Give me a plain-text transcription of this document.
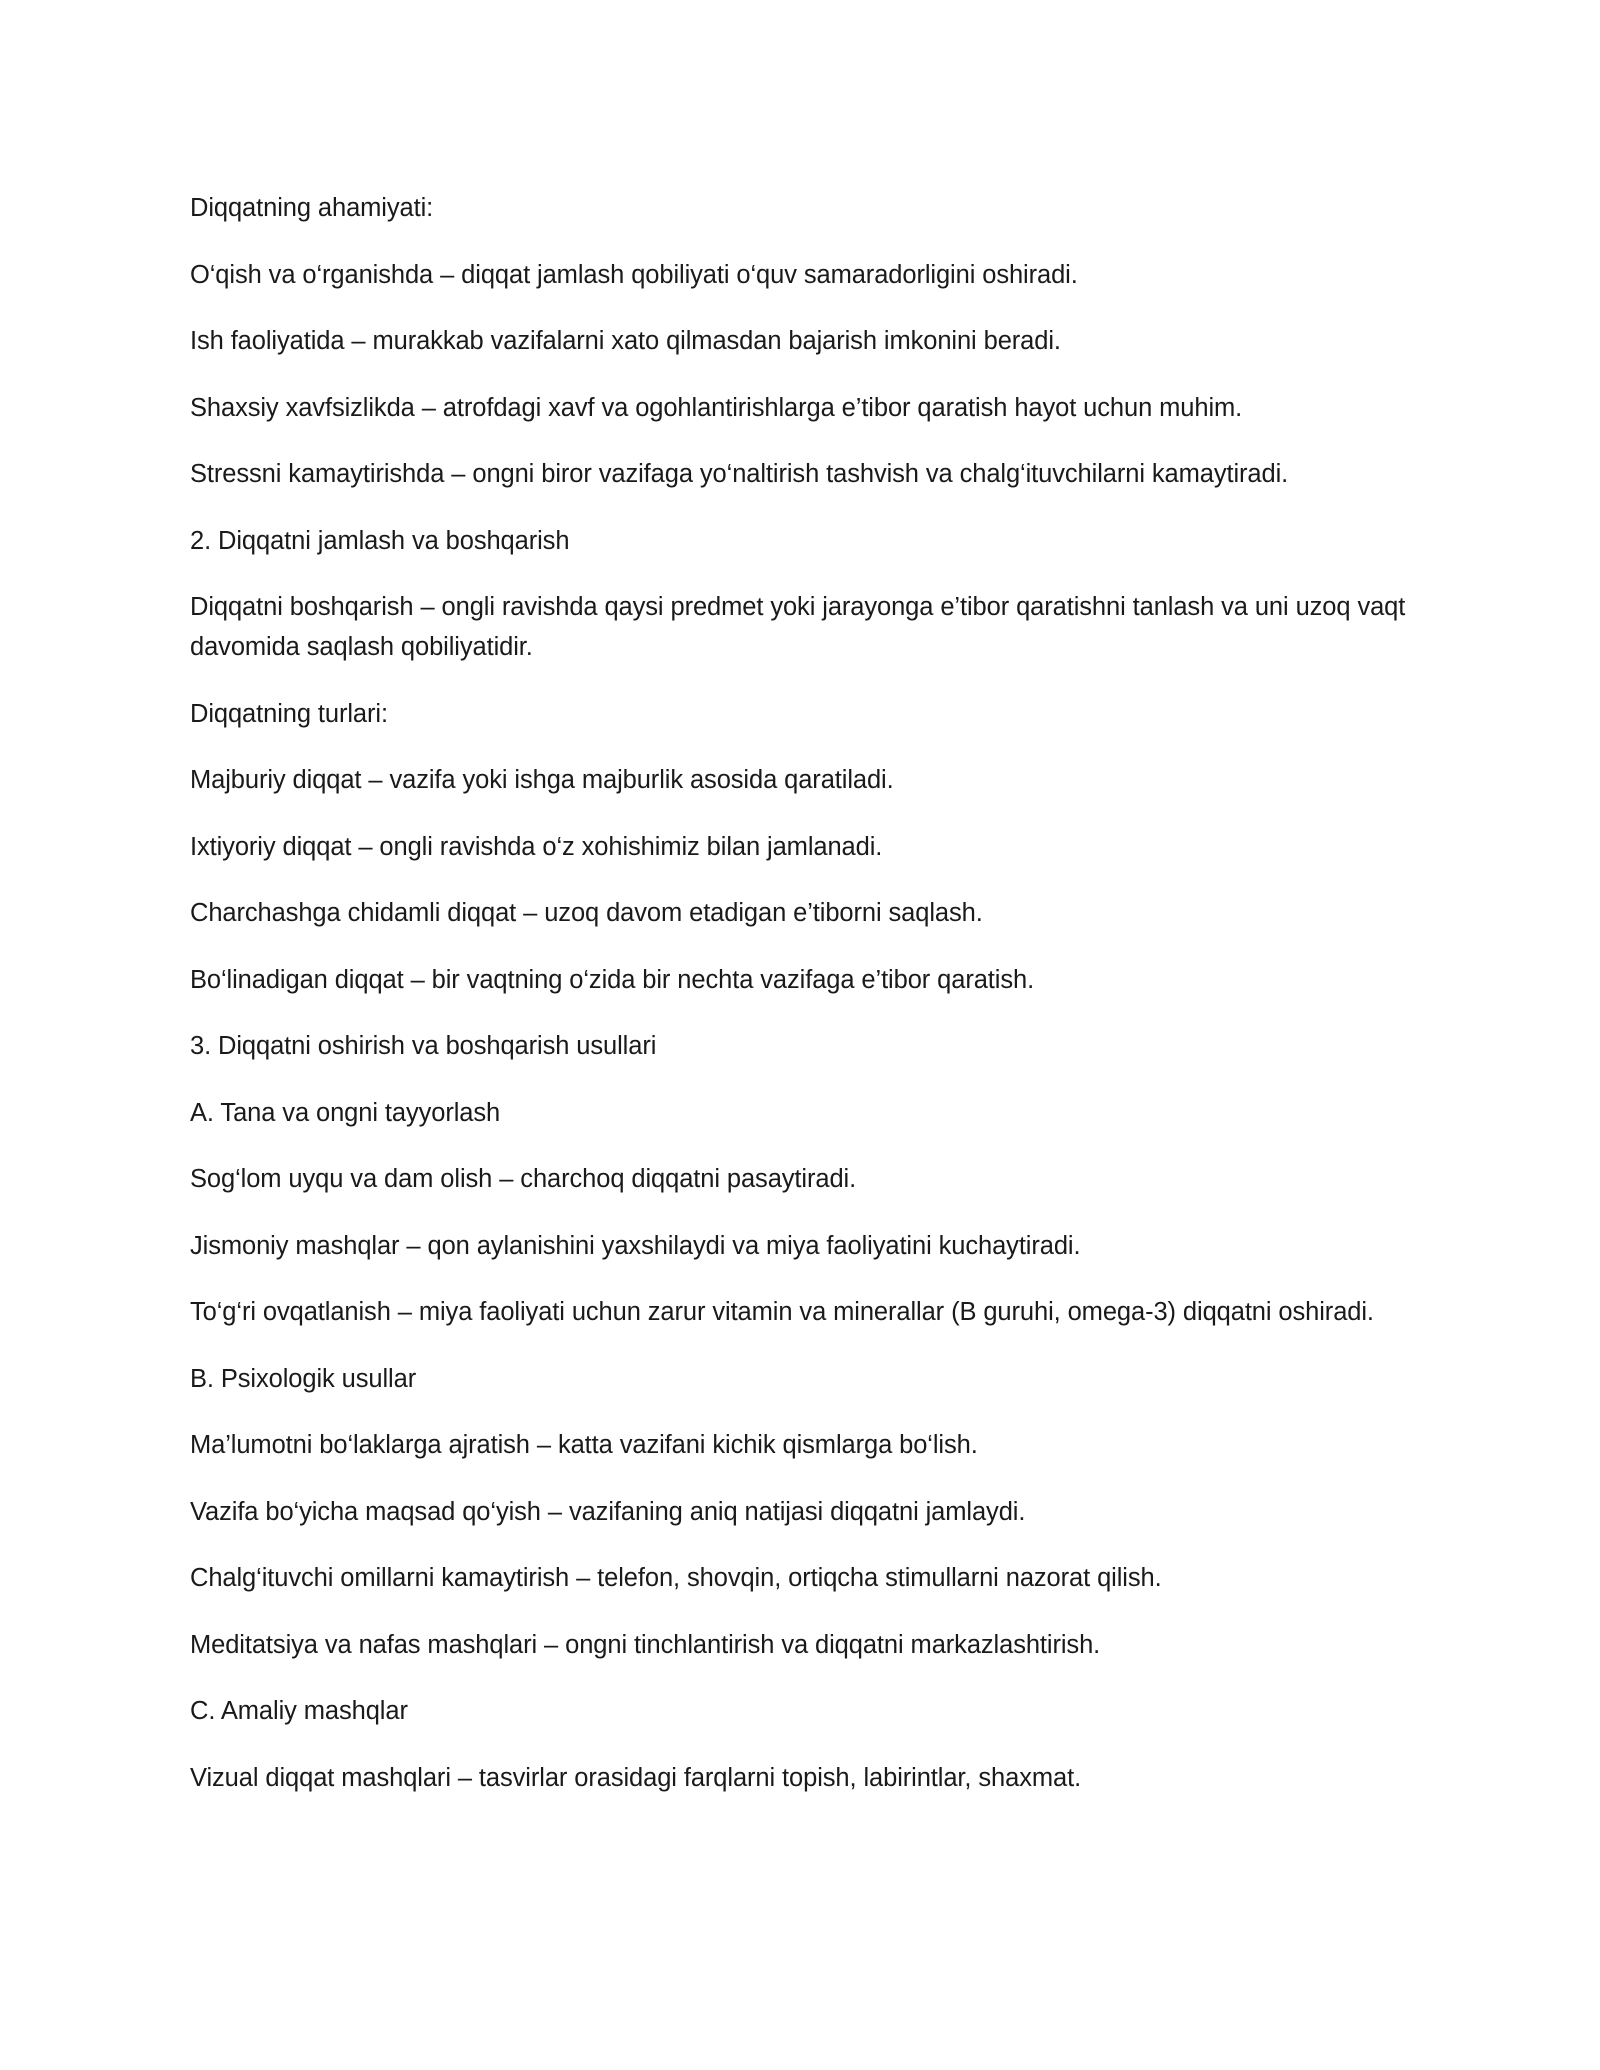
Diqqatning ahamiyati:

O‘qish va o‘rganishda – diqqat jamlash qobiliyati o‘quv samaradorligini oshiradi.

Ish faoliyatida – murakkab vazifalarni xato qilmasdan bajarish imkonini beradi.

Shaxsiy xavfsizlikda – atrofdagi xavf va ogohlantirishlarga e’tibor qaratish hayot uchun muhim.

Stressni kamaytirishda – ongni biror vazifaga yo‘naltirish tashvish va chalg‘ituvchilarni kamaytiradi.

2. Diqqatni jamlash va boshqarish

Diqqatni boshqarish – ongli ravishda qaysi predmet yoki jarayonga e’tibor qaratishni tanlash va uni uzoq vaqt davomida saqlash qobiliyatidir.

Diqqatning turlari:

Majburiy diqqat – vazifa yoki ishga majburlik asosida qaratiladi.

Ixtiyoriy diqqat – ongli ravishda o‘z xohishimiz bilan jamlanadi.

Charchashga chidamli diqqat – uzoq davom etadigan e’tiborni saqlash.

Bo‘linadigan diqqat – bir vaqtning o‘zida bir nechta vazifaga e’tibor qaratish.

3. Diqqatni oshirish va boshqarish usullari

A. Tana va ongni tayyorlash

Sog‘lom uyqu va dam olish – charchoq diqqatni pasaytiradi.

Jismoniy mashqlar – qon aylanishini yaxshilaydi va miya faoliyatini kuchaytiradi.

To‘g‘ri ovqatlanish – miya faoliyati uchun zarur vitamin va minerallar (B guruhi, omega-3) diqqatni oshiradi.

B. Psixologik usullar

Ma’lumotni bo‘laklarga ajratish – katta vazifani kichik qismlarga bo‘lish.

Vazifa bo‘yicha maqsad qo‘yish – vazifaning aniq natijasi diqqatni jamlaydi.

Chalg‘ituvchi omillarni kamaytirish – telefon, shovqin, ortiqcha stimullarni nazorat qilish.

Meditatsiya va nafas mashqlari – ongni tinchlantirish va diqqatni markazlashtirish.

C. Amaliy mashqlar

Vizual diqqat mashqlari – tasvirlar orasidagi farqlarni topish, labirintlar, shaxmat.
